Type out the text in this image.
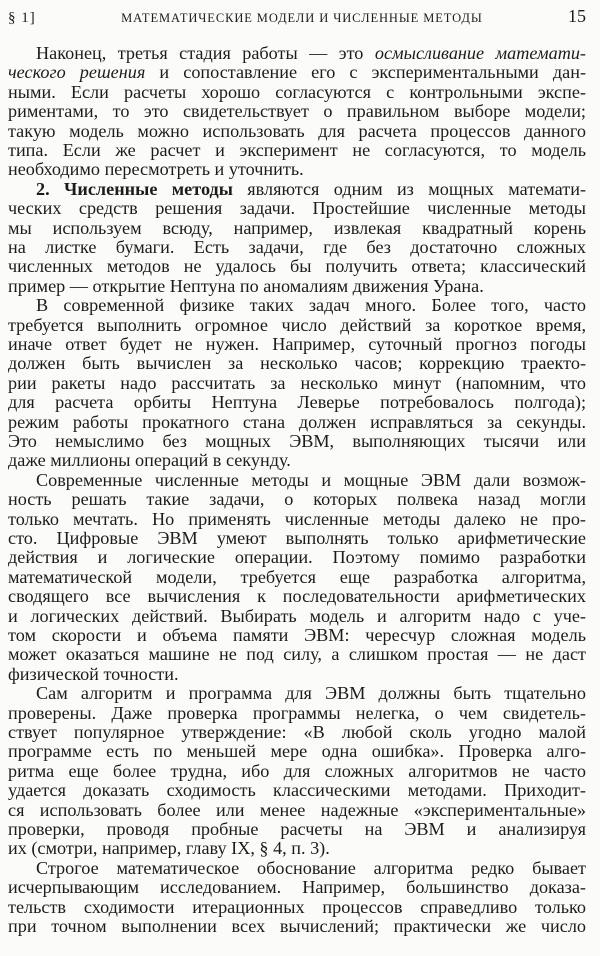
§ 1]	МАТЕМАТИЧЕСКИЕ МОДЕЛИ И ЧИСЛЕННЫЕ МЕТОДЫ	15
Наконец, третья стадия работы — это осмысливание математи-
ческого решения и сопоставление его с экспериментальными дан-
ными. Если расчеты хорошо согласуются с контрольными экспе-
риментами, то это свидетельствует о правильном выборе модели;
такую модель можно использовать для расчета процессов данного
типа. Если же расчет и эксперимент не согласуются, то модель
необходимо пересмотреть и уточнить.
2. Численные методы являются одним из мощных математи-
ческих средств решения задачи. Простейшие численные методы
мы используем всюду, например, извлекая квадратный корень
на листке бумаги. Есть задачи, где без достаточно сложных
численных методов не удалось бы получить ответа; классический
пример — открытие Нептуна по аномалиям движения Урана.
В современной физике таких задач много. Более того, часто
требуется выполнить огромное число действий за короткое время,
иначе ответ будет не нужен. Например, суточный прогноз погоды
должен быть вычислен за несколько часов; коррекцию траекто-
рии ракеты надо рассчитать за несколько минут (напомним, что
для расчета орбиты Нептуна Леверье потребовалось полгода);
режим работы прокатного стана должен исправляться за секунды.
Это немыслимо без мощных ЭВМ, выполняющих тысячи или
даже миллионы операций в секунду.
Современные численные методы и мощные ЭВМ дали возмож-
ность решать такие задачи, о которых полвека назад могли
только мечтать. Но применять численные методы далеко не про-
сто. Цифровые ЭВМ умеют выполнять только арифметические
действия и логические операции. Поэтому помимо разработки
математической модели, требуется еще разработка алгоритма,
сводящего все вычисления к последовательности арифметических
и логических действий. Выбирать модель и алгоритм надо с уче-
том скорости и объема памяти ЭВМ: чересчур сложная модель
может оказаться машине не под силу, а слишком простая — не даст
физической точности.
Сам алгоритм и программа для ЭВМ должны быть тщательно
проверены. Даже проверка программы нелегка, о чем свидетель-
ствует популярное утверждение: «В любой сколь угодно малой
программе есть по меньшей мере одна ошибка». Проверка алго-
ритма еще более трудна, ибо для сложных алгоритмов не часто
удается доказать сходимость классическими методами. Приходит-
ся использовать более или менее надежные «экспериментальные»
проверки, проводя пробные расчеты на ЭВМ и анализируя
их (смотри, например, главу IX, § 4, п. 3).
Строгое математическое обоснование алгоритма редко бывает
исчерпывающим исследованием. Например, большинство доказа-
тельств сходимости итерационных процессов справедливо только
при точном выполнении всех вычислений; практически же число
